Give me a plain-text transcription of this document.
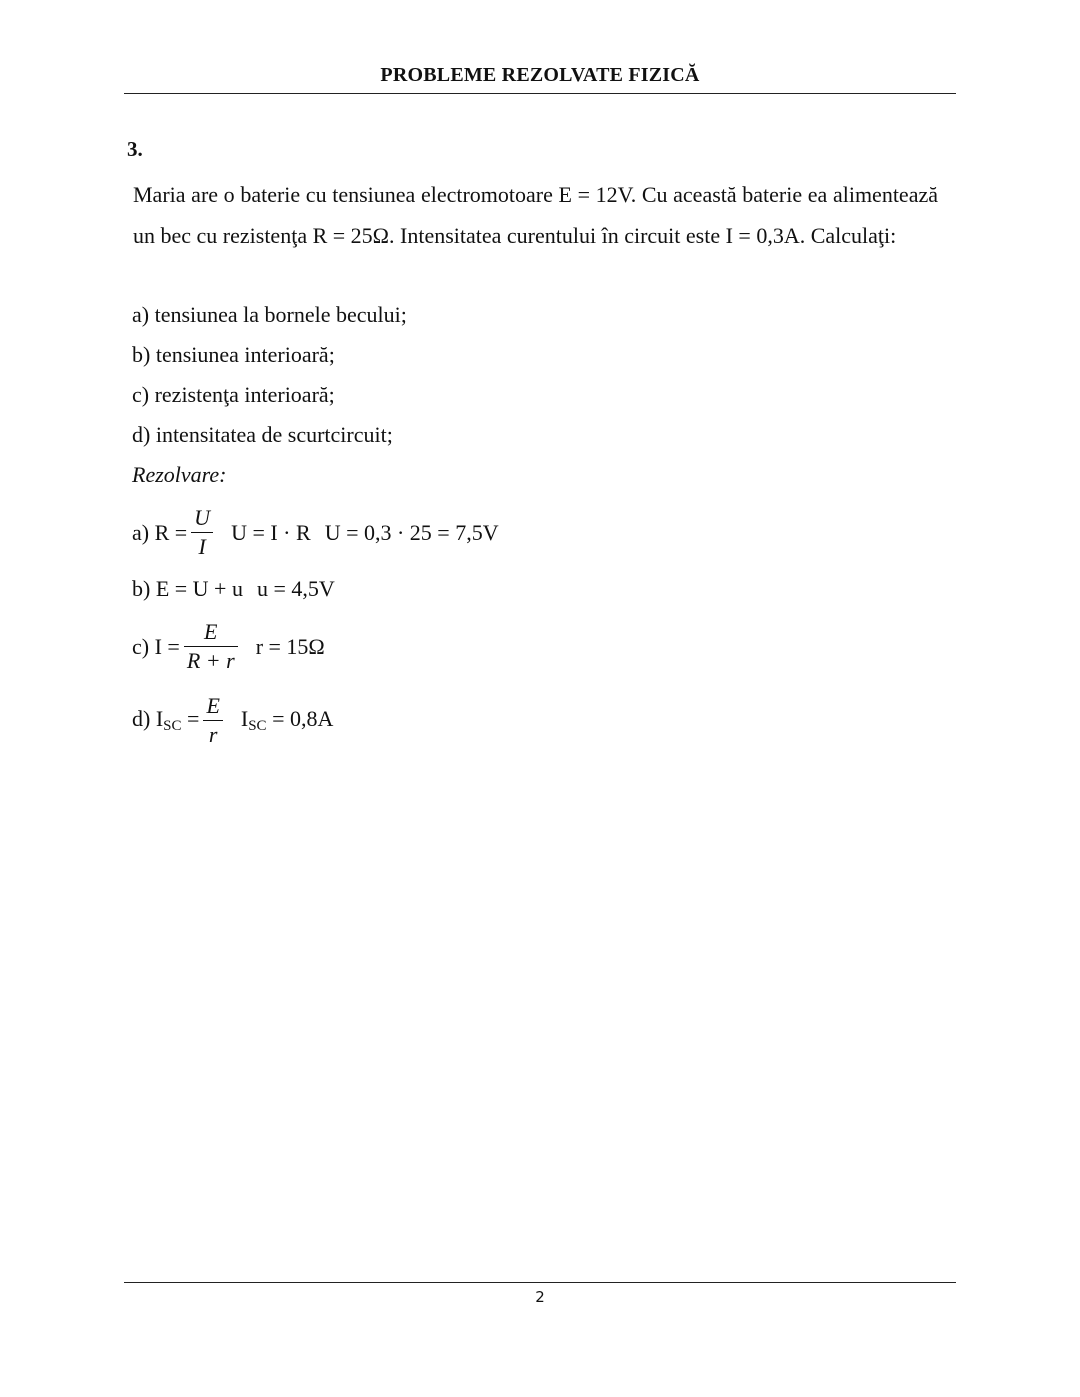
PROBLEME REZOLVATE FIZICĂ
3.
Maria are o baterie cu tensiunea electromotoare E = 12V. Cu această baterie ea alimentează un bec cu rezistenţa R = 25Ω. Intensitatea curentului în circuit este I = 0,3A. Calculaţi:
a) tensiunea la bornele becului;
b) tensiunea interioară;
c) rezistenţa interioară;
d) intensitatea de scurtcircuit;
Rezolvare:
a) $R = \frac{U}{I}$ U = I · R U = 0,3 · 25 = 7,5V
b) E = U + u u = 4,5V
c) $I = \frac{E}{R + r}$ r = 15Ω
d) $I_{SC} = \frac{E}{r} I_{SC} = 0,8A$
2
